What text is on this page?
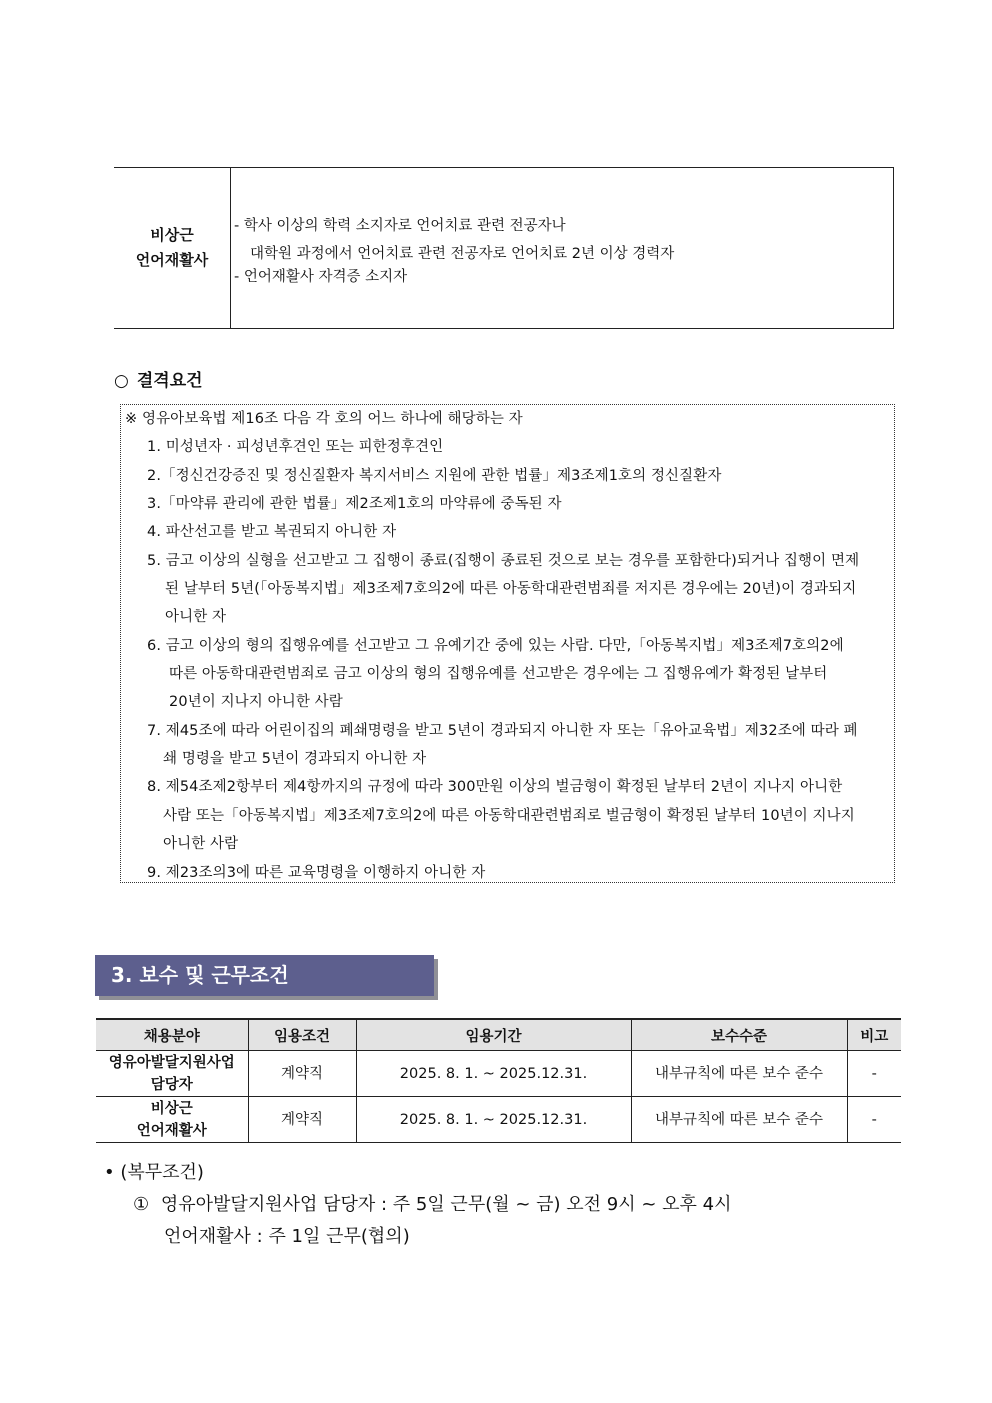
비상근
언어재활사
- 학사 이상의 학력 소지자로 언어치료 관련 전공자나
대학원 과정에서 언어치료 관련 전공자로 언어치료 2년 이상 경력자
- 언어재활사 자격증 소지자
○ 결격요건
※ 영유아보육법 제16조 다음 각 호의 어느 하나에 해당하는 자
1. 미성년자 · 피성년후견인 또는 피한정후견인
2.「정신건강증진 및 정신질환자 복지서비스 지원에 관한 법률」제3조제1호의 정신질환자
3.「마약류 관리에 관한 법률」제2조제1호의 마약류에 중독된 자
4. 파산선고를 받고 복권되지 아니한 자
5. 금고 이상의 실형을 선고받고 그 집행이 종료(집행이 종료된 것으로 보는 경우를 포함한다)되거나 집행이 면제
된 날부터 5년(「아동복지법」제3조제7호의2에 따른 아동학대관련범죄를 저지른 경우에는 20년)이 경과되지
아니한 자
6. 금고 이상의 형의 집행유예를 선고받고 그 유예기간 중에 있는 사람. 다만,「아동복지법」제3조제7호의2에
따른 아동학대관련범죄로 금고 이상의 형의 집행유예를 선고받은 경우에는 그 집행유예가 확정된 날부터
20년이 지나지 아니한 사람
7. 제45조에 따라 어린이집의 폐쇄명령을 받고 5년이 경과되지 아니한 자 또는「유아교육법」제32조에 따라 폐
쇄 명령을 받고 5년이 경과되지 아니한 자
8. 제54조제2항부터 제4항까지의 규정에 따라 300만원 이상의 벌금형이 확정된 날부터 2년이 지나지 아니한
사람 또는「아동복지법」제3조제7호의2에 따른 아동학대관련범죄로 벌금형이 확정된 날부터 10년이 지나지
아니한 사람
9. 제23조의3에 따른 교육명령을 이행하지 아니한 자
3. 보수 및 근무조건
채용분야	임용조건	임용기간	보수수준	비고

영유아발달지원사업
담당자	계약직	2025. 8. 1. ~ 2025.12.31.	내부규칙에 따른 보수 준수	-

비상근
언어재활사	계약직	2025. 8. 1. ~ 2025.12.31.	내부규칙에 따른 보수 준수	-
• (복무조건)
① 영유아발달지원사업 담당자 : 주 5일 근무(월 ~ 금) 오전 9시 ~ 오후 4시
언어재활사 : 주 1일 근무(협의)
